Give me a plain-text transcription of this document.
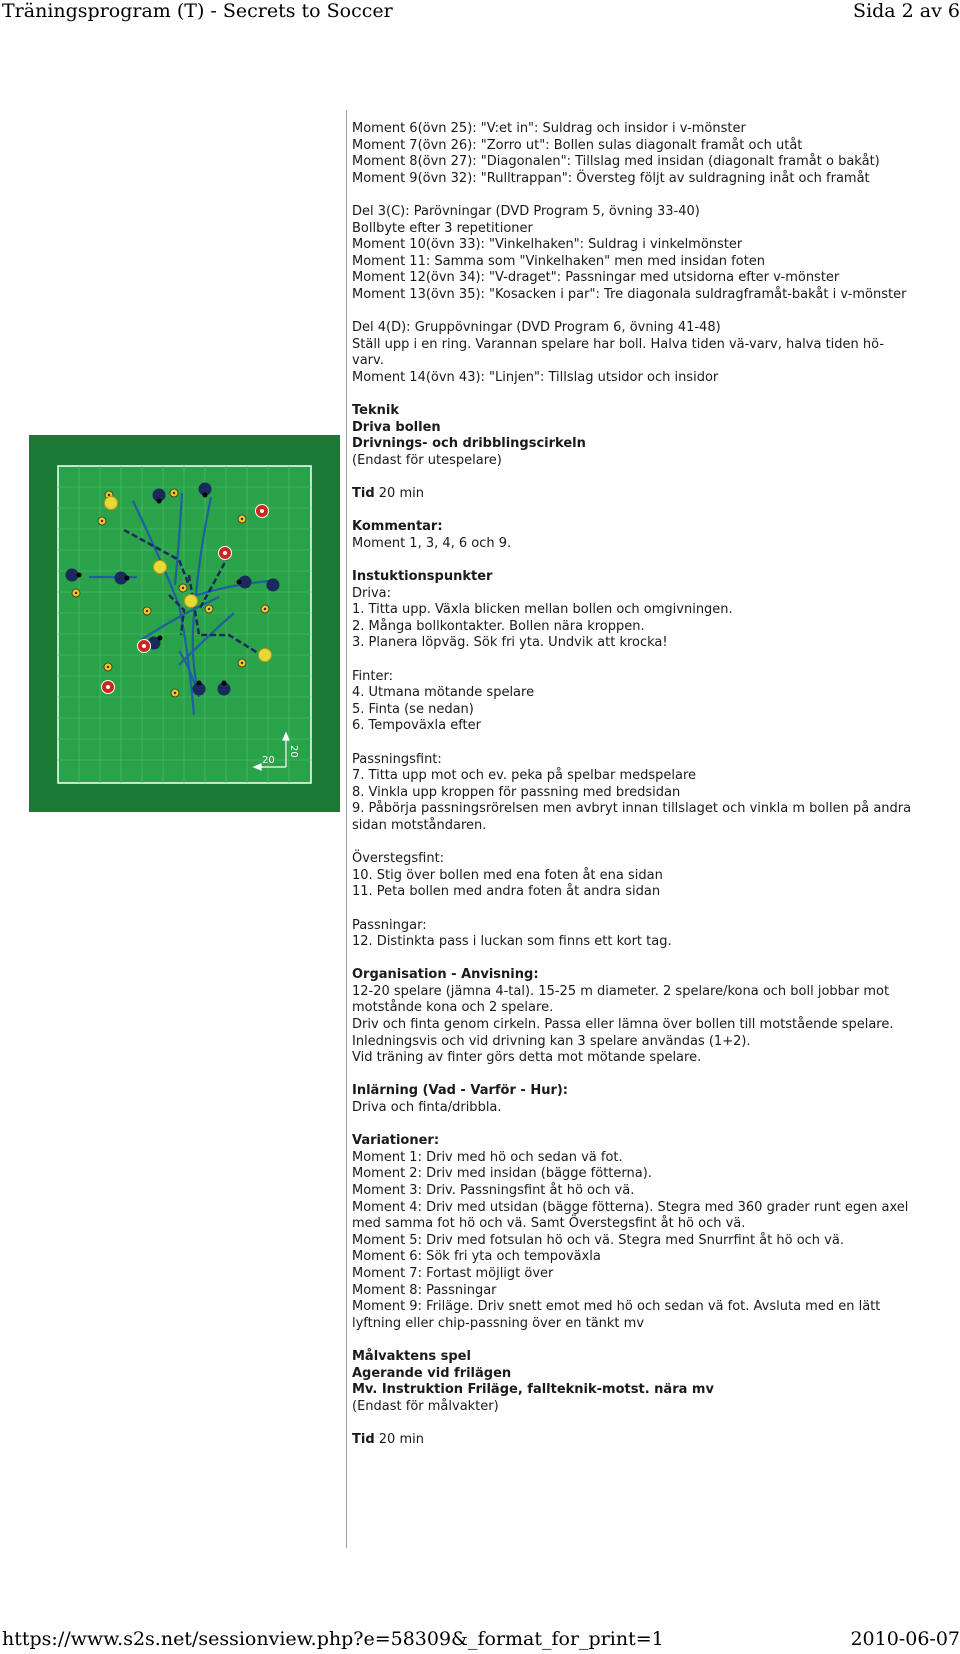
Träningsprogram (T) - Secrets to Soccer	Sida 2 av 6
20
20
Moment 6(övn 25): "V:et in": Suldrag och insidor i v-mönster
Moment 7(övn 26): "Zorro ut": Bollen sulas diagonalt framåt och utåt
Moment 8(övn 27): "Diagonalen": Tillslag med insidan (diagonalt framåt o bakåt)
Moment 9(övn 32): "Rulltrappan": Översteg följt av suldragning inåt och framåt
Del 3(C): Parövningar (DVD Program 5, övning 33-40)
Bollbyte efter 3 repetitioner
Moment 10(övn 33): "Vinkelhaken": Suldrag i vinkelmönster
Moment 11: Samma som "Vinkelhaken" men med insidan foten
Moment 12(övn 34): "V-draget": Passningar med utsidorna efter v-mönster
Moment 13(övn 35): "Kosacken i par": Tre diagonala suldragframåt-bakåt i v-mönster
Del 4(D): Gruppövningar (DVD Program 6, övning 41-48)
Ställ upp i en ring. Varannan spelare har boll. Halva tiden vä-varv, halva tiden hö-varv.
Moment 14(övn 43): "Linjen": Tillslag utsidor och insidor
Teknik
Driva bollen
Drivnings- och dribblingscirkeln
(Endast för utespelare)
Tid 20 min
Kommentar:
Moment 1, 3, 4, 6 och 9.
Instuktionspunkter
Driva:
1. Titta upp. Växla blicken mellan bollen och omgivningen.
2. Många bollkontakter. Bollen nära kroppen.
3. Planera löpväg. Sök fri yta. Undvik att krocka!
Finter:
4. Utmana mötande spelare
5. Finta (se nedan)
6. Tempoväxla efter
Passningsfint:
7. Titta upp mot och ev. peka på spelbar medspelare
8. Vinkla upp kroppen för passning med bredsidan
9. Påbörja passningsrörelsen men avbryt innan tillslaget och vinkla m bollen på andra sidan motståndaren.
Överstegsfint:
10. Stig över bollen med ena foten åt ena sidan
11. Peta bollen med andra foten åt andra sidan
Passningar:
12. Distinkta pass i luckan som finns ett kort tag.
Organisation - Anvisning:
12-20 spelare (jämna 4-tal). 15-25 m diameter. 2 spelare/kona och boll jobbar mot motstånde kona och 2 spelare.
Driv och finta genom cirkeln. Passa eller lämna över bollen till motstående spelare.
Inledningsvis och vid drivning kan 3 spelare användas (1+2).
Vid träning av finter görs detta mot mötande spelare.
Inlärning (Vad - Varför - Hur):
Driva och finta/dribbla.
Variationer:
Moment 1: Driv med hö och sedan vä fot.
Moment 2: Driv med insidan (bägge fötterna).
Moment 3: Driv. Passningsfint åt hö och vä.
Moment 4: Driv med utsidan (bägge fötterna). Stegra med 360 grader runt egen axel med samma fot hö och vä. Samt Överstegsfint åt hö och vä.
Moment 5: Driv med fotsulan hö och vä. Stegra med Snurrfint åt hö och vä.
Moment 6: Sök fri yta och tempoväxla
Moment 7: Fortast möjligt över
Moment 8: Passningar
Moment 9: Friläge. Driv snett emot med hö och sedan vä fot. Avsluta med en lätt lyftning eller chip-passning över en tänkt mv
Målvaktens spel
Agerande vid frilägen
Mv. Instruktion Friläge, fallteknik-motst. nära mv
(Endast för målvakter)
Tid 20 min
https://www.s2s.net/sessionview.php?e=58309&_format_for_print=1	2010-06-07
